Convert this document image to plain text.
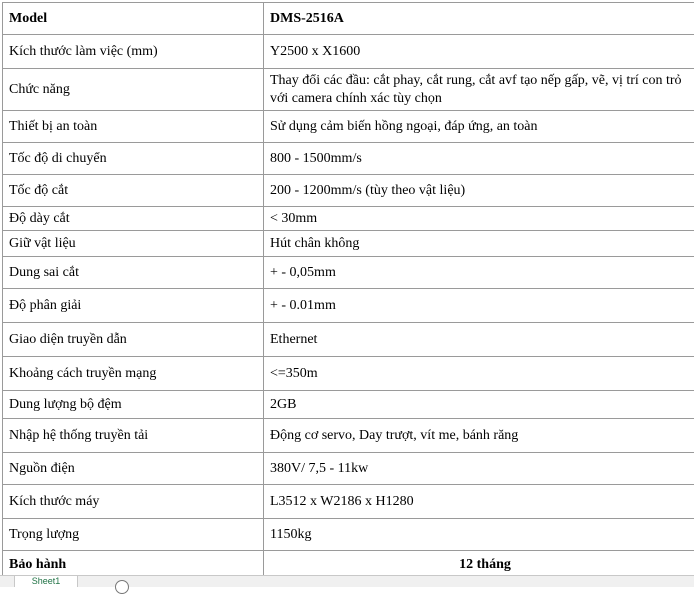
Model	DMS-2516A
Kích thước làm việc (mm)	Y2500 x X1600
Chức năng	Thay đổi các đầu: cắt phay, cắt rung, cắt avf tạo nếp gấp, vẽ, vị trí con trỏ với camera chính xác tùy chọn
Thiết bị an toàn	Sử dụng cảm biến hồng ngoại, đáp ứng, an toàn
Tốc độ di chuyển	800 - 1500mm/s
Tốc độ cắt	200 - 1200mm/s (tùy theo vật liệu)
Độ dày cắt	< 30mm
Giữ vật liệu	Hút chân không
Dung sai cắt	+ - 0,05mm
Độ phân giải	+ - 0.01mm
Giao diện truyền dẫn	Ethernet
Khoảng cách truyền mạng	<=350m
Dung lượng bộ đệm	2GB
Nhập hệ thống truyền tải	Động cơ servo, Day trượt, vít me, bánh răng
Nguồn điện	380V/ 7,5 - 11kw
Kích thước máy	L3512 x W2186 x H1280
Trọng lượng	1150kg
Bảo hành	12 tháng
Sheet1
